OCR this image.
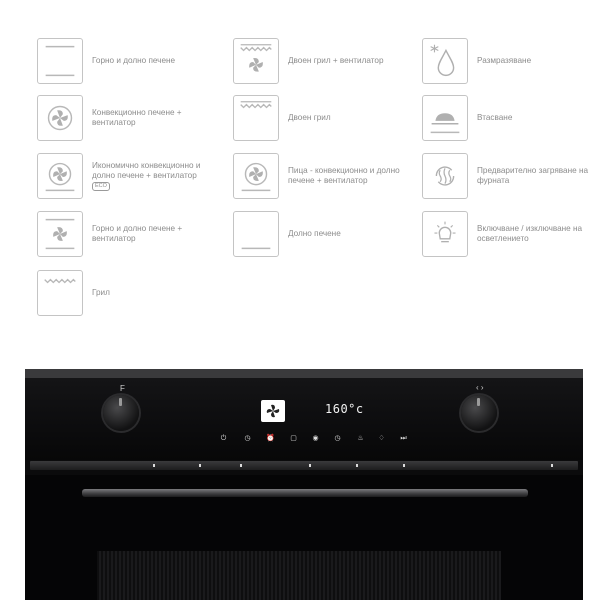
Горно и долно печене
Конвекционно печене + вентилатор
Икономично конвекционно и долно печене + вентилатор
ECO
Горно и долно печене + вентилатор
Грил
Двоен грил + вентилатор
Двоен грил
Пица - конвекционно и долно печене + вентилатор
Долно печене
Размразяване
Втасване
Предварително загряване на фурната
Включване / изключване на осветлението
F	‹ ›
160°c
⏻	◷ ⏰ ▢ ◉ ◷ ♨ ♢ ⏭
